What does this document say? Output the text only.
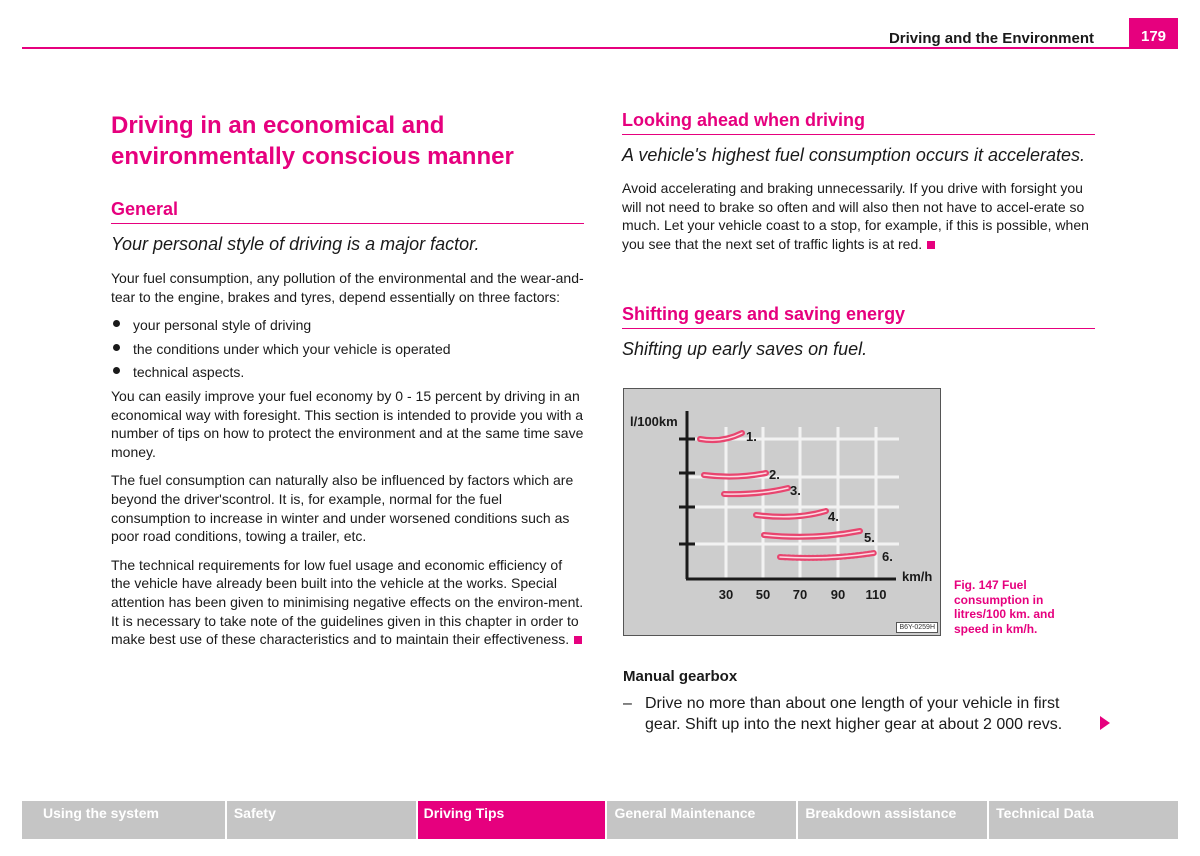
Driving and the Environment	179
Driving in an economical and environmentally conscious manner
General
Your personal style of driving is a major factor.
Your fuel consumption, any pollution of the environmental and the wear-and-tear to the engine, brakes and tyres, depend essentially on three factors:
your personal style of driving
the conditions under which your vehicle is operated
technical aspects.
You can easily improve your fuel economy by 0 - 15 percent by driving in an economical way with foresight. This section is intended to provide you with a number of tips on how to protect the environment and at the same time save money.
The fuel consumption can naturally also be influenced by factors which are beyond the driver'scontrol. It is, for example, normal for the fuel consumption to increase in winter and under worsened conditions such as poor road conditions, towing a trailer, etc.
The technical requirements for low fuel usage and economic efficiency of the vehicle have already been built into the vehicle at the works. Special attention has been given to minimising negative effects on the environ-ment. It is necessary to take note of the guidelines given in this chapter in order to make best use of these characteristics and to maintain their effectiveness.
Looking ahead when driving
A vehicle's highest fuel consumption occurs it accelerates.
Avoid accelerating and braking unnecessarily. If you drive with forsight you will not need to brake so often and will also then not have to accel-erate so much. Let your vehicle coast to a stop, for example, if this is possible, when you see that the next set of traffic lights is at red.
Shifting gears and saving energy
Shifting up early saves on fuel.
l/100km
km/h
30 50 70 90 110
1.
2.
3.
4.
5.
6.
B6Y-0259H
Fig. 147 Fuel consumption in litres/100 km. and speed in km/h.
Manual gearbox
– Drive no more than about one length of your vehicle in first gear. Shift up into the next higher gear at about 2 000 revs.
Using the system	Safety	Driving Tips	General Maintenance	Breakdown assistance	Technical Data
